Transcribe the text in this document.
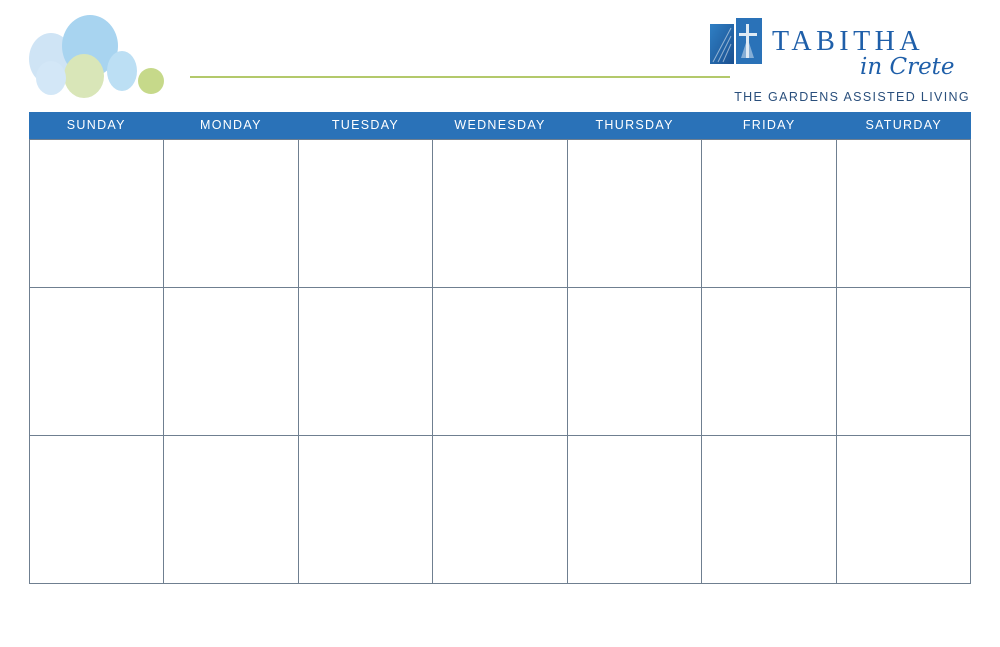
TABITHA
in Crete
THE GARDENS ASSISTED LIVING
SUNDAY	MONDAY	TUESDAY	WEDNESDAY	THURSDAY	FRIDAY	SATURDAY
